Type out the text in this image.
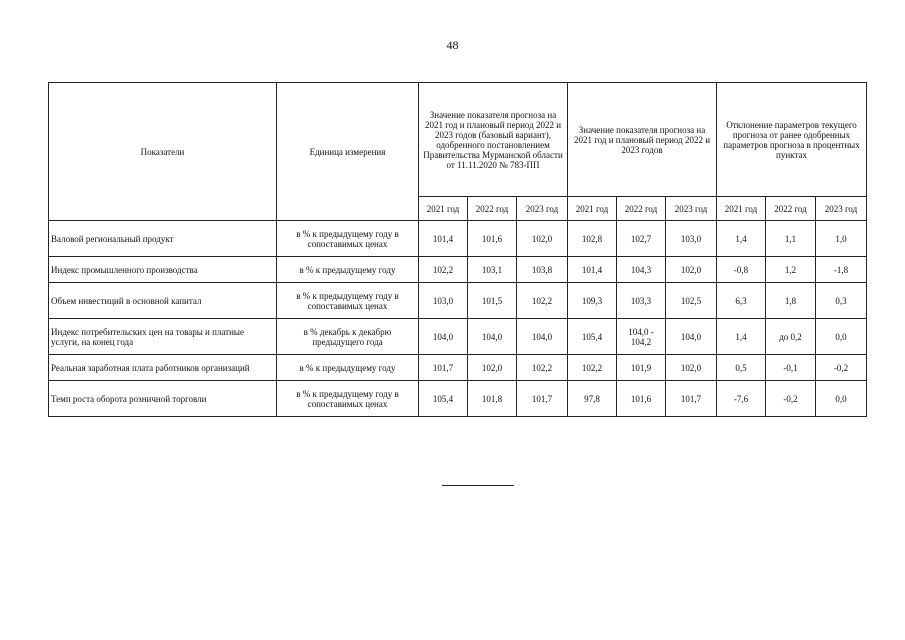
48
Показатели	Единица измерения	Значение показателя прогноза на 2021 год и плановый период 2022 и 2023 годов (базовый вариант), одобренного постановлением Правительства Мурманской области от 11.11.2020 № 783-ПП			Значение показателя прогноза на 2021 год и плановый период 2022 и 2023 годов			Отклонение параметров текущего прогноза от ранее одобренных параметров прогноза в процентных пунктах		
		2021 год	2022 год	2023 год	2021 год	2022 год	2023 год	2021 год	2022 год	2023 год
Валовой региональный продукт	в % к предыдущему году в сопоставимых ценах	101,4	101,6	102,0	102,8	102,7	103,0	1,4	1,1	1,0
Индекс промышленного производства	в % к предыдущему году	102,2	103,1	103,8	101,4	104,3	102,0	-0,8	1,2	-1,8
Объем инвестиций в основной капитал	в % к предыдущему году в сопоставимых ценах	103,0	101,5	102,2	109,3	103,3	102,5	6,3	1,8	0,3
Индекс потребительских цен на товары и платные услуги, на конец года	в % декабрь к декабрю предыдущего года	104,0	104,0	104,0	105,4	104,0 - 104,2	104,0	1,4	до 0,2	0,0
Реальная заработная плата работников организаций	в % к предыдущему году	101,7	102,0	102,2	102,2	101,9	102,0	0,5	-0,1	-0,2
Темп роста оборота розничной торговли	в % к предыдущему году в сопоставимых ценах	105,4	101,8	101,7	97,8	101,6	101,7	-7,6	-0,2	0,0
